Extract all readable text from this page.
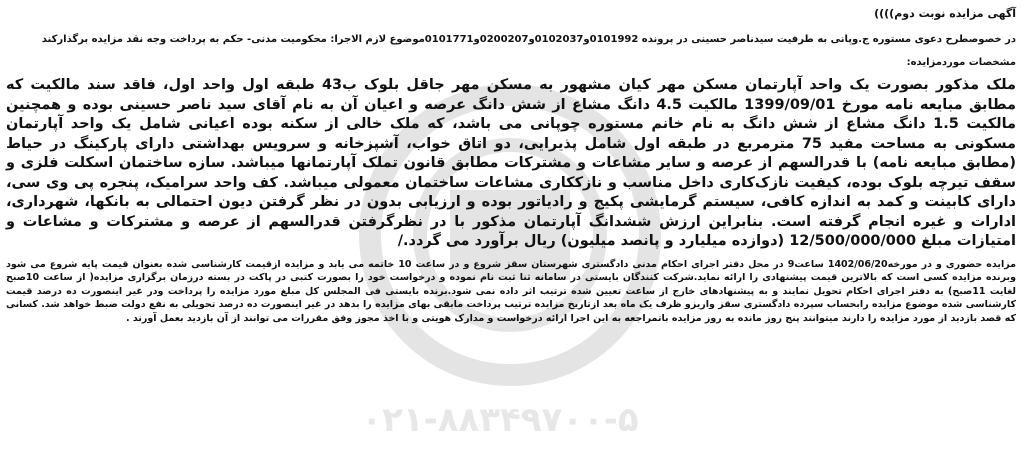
۰۲۱-۸۸۳۴۹۷۰۰-۵
آگهی مزایده نوبت دوم))))
در خصوصطرح دعوی مستوره ج.وپانی به طرفیت سیدناصر حسینی در پرونده 0101992و0102037و0200207و0101771موضوع لازم الاجرا: محکومیت مدنی- حکم به پرداخت وجه نقد مزایده برگذارکند
مشخصات موردمزایده:
ملک مذکور بصورت یک واحد آپارتمان مسکن مهر کیان مشهور به مسکن مهر جاقل بلوک ب43 طبقه اول واحد اول، فاقد سند مالکیت که مطابق مبایعه نامه مورخ 1399/09/01 مالکیت 4.5 دانگ مشاع از شش دانگ عرصه و اعیان آن به نام آقای سید ناصر حسینی بوده و همچنین مالکیت 1.5 دانگ مشاع از شش دانگ به نام خانم مستوره چوپانی می باشد، که ملک خالی از سکنه بوده اعیانی شامل یک واحد آپارتمان مسکونی به مساحت مفید 75 مترمربع در طبقه اول شامل پذیرایی، دو اتاق خواب، آشپزخانه و سرویس بهداشتی دارای پارکینگ در حیاط (مطابق مبایعه نامه) با قدرالسهم از عرصه و سایر مشاعات و مشترکات مطابق قانون تملک آپارتمانها میباشد. سازه ساختمان اسکلت فلزی و سقف تیرچه بلوک بوده، کیفیت نازک‌کاری داخل مناسب و نازککاری مشاعات ساختمان معمولی میباشد. کف واحد سرامیک، پنجره پی وی سی، دارای کابینت و کمد به اندازه کافی، سیستم گرمایشی پکیج و رادیاتور بوده و ارزیابی بدون در نظر گرفتن دیون احتمالی به بانکها، شهرداری، ادارات و غیره انجام گرفته است. بنابراین ارزش ششدانگ آپارتمان مذکور با در نظرگرفتن قدرالسهم از عرصه و مشترکات و مشاعات و امتیازات مبلغ 12/500/000/000 (دوازده میلیارد و پانصد میلیون) ریال برآورد می گردد./
مزایده حضوری و در مورخه1402/06/20 ساعت9 در محل دفتر اجرای احکام مدنی دادگستری شهرستان سقز شروع و در ساعت 10 خاتمه می یابد و مزایده ازقیمت کارشناسی شده بعنوان قیمت پایه شروع می شود وبرنده مزایده کسی است که بالاترین قیمت پیشنهادی را ارائه نماید.شرکت کنندگان بایستی در سامانه ثنا ثبت نام نموده و درخواست خود را بصورت کتبی در پاکت در بسته درزمان برگزاری مزایده( از ساعت 10صبح لغایت 11صبح) به دفتر اجرای احکام تحویل نمایند و به پیشنهادهای خارج از ساعت تعیین شده ترتیب اثر داده نمی شود.برنده بایستی فی المجلس کل مبلغ مورد مزایده را پرداخت ودر غیر اینصورت ده درصد قیمت کارشناسی شده موضوع مزایده رابحساب سپرده دادگستری سقز واریزو ظرف یک ماه بعد ازتاریخ مزایده ترتیب پرداخت مابقی بهای مزایده را بدهد در غیر اینصورت ده درصد تحویلی به نفع دولت ضبط خواهد شد. کسانی که قصد بازدید از مورد مزایده را دارند میتوانند پنج روز مانده به روز مزایده باتمراجعه به این اجرا ارائه درخواست و مدارک هویتی و با اخذ مجوز وفق مقررات می توانند از آن بازدید بعمل آورند .
